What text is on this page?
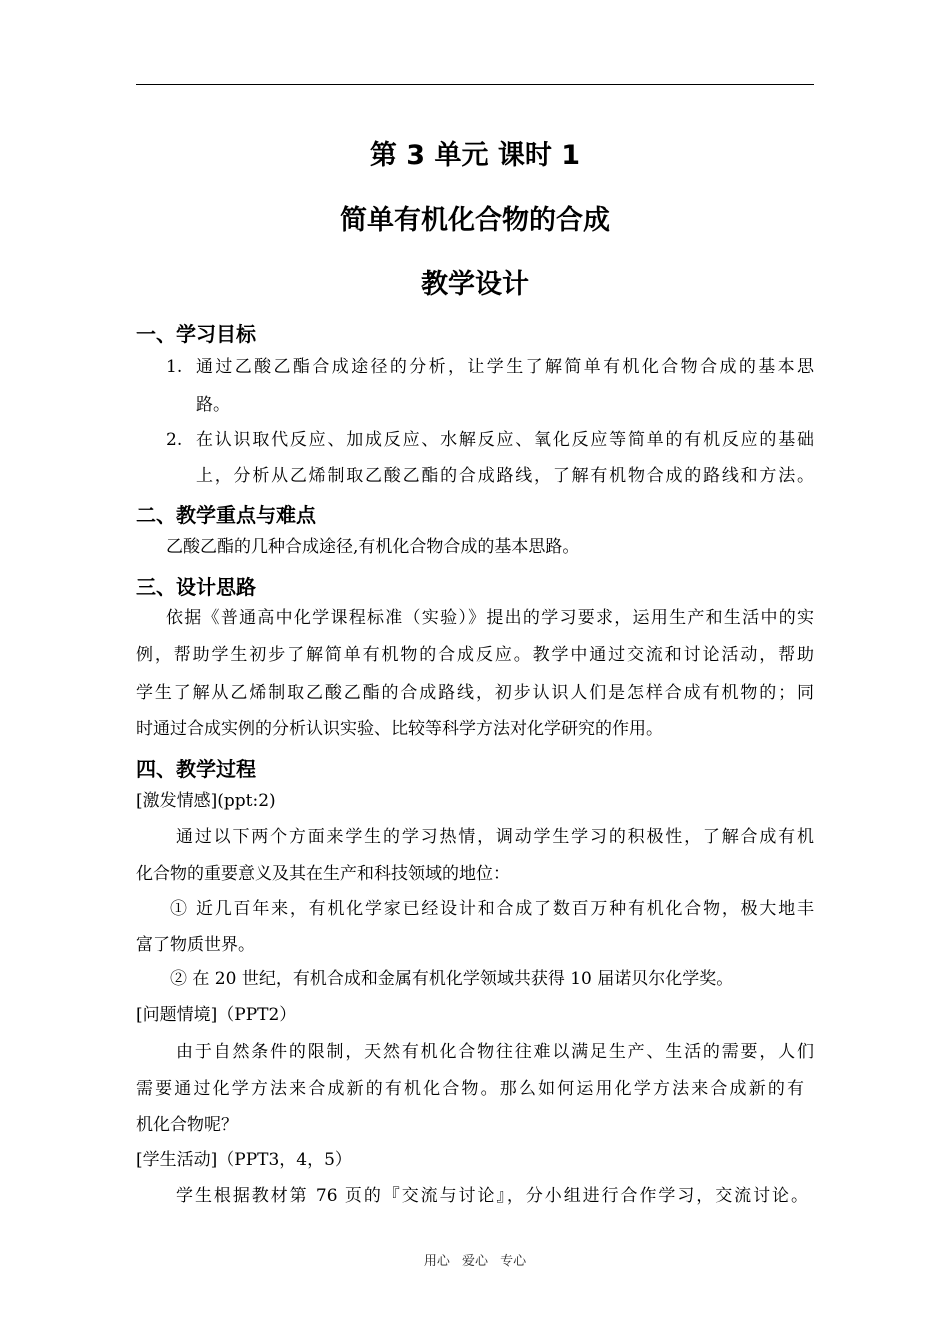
第 3 单元 课时 1
简单有机化合物的合成
教学设计
一、学习目标
1. 通过乙酸乙酯合成途径的分析，让学生了解简单有机化合物合成的基本思
路。
2. 在认识取代反应、加成反应、水解反应、氧化反应等简单的有机反应的基础
上，分析从乙烯制取乙酸乙酯的合成路线，了解有机物合成的路线和方法。
二、教学重点与难点
乙酸乙酯的几种合成途径,有机化合物合成的基本思路。
三、设计思路
依据《普通高中化学课程标准（实验）》提出的学习要求，运用生产和生活中的实
例，帮助学生初步了解简单有机物的合成反应。教学中通过交流和讨论活动，帮助
学生了解从乙烯制取乙酸乙酯的合成路线，初步认识人们是怎样合成有机物的；同
时通过合成实例的分析认识实验、比较等科学方法对化学研究的作用。
四、教学过程
[激发情感](ppt:2)
通过以下两个方面来学生的学习热情，调动学生学习的积极性，了解合成有机
化合物的重要意义及其在生产和科技领域的地位：
① 近几百年来，有机化学家已经设计和合成了数百万种有机化合物，极大地丰
富了物质世界。
② 在 20 世纪，有机合成和金属有机化学领域共获得 10 届诺贝尔化学奖。
[问题情境]（PPT2）
由于自然条件的限制，天然有机化合物往往难以满足生产、生活的需要，人们
需要通过化学方法来合成新的有机化合物。那么如何运用化学方法来合成新的有
机化合物呢？
[学生活动]（PPT3，4，5）
学生根据教材第 76 页的『交流与讨论』，分小组进行合作学习，交流讨论。
用心 爱心 专心
